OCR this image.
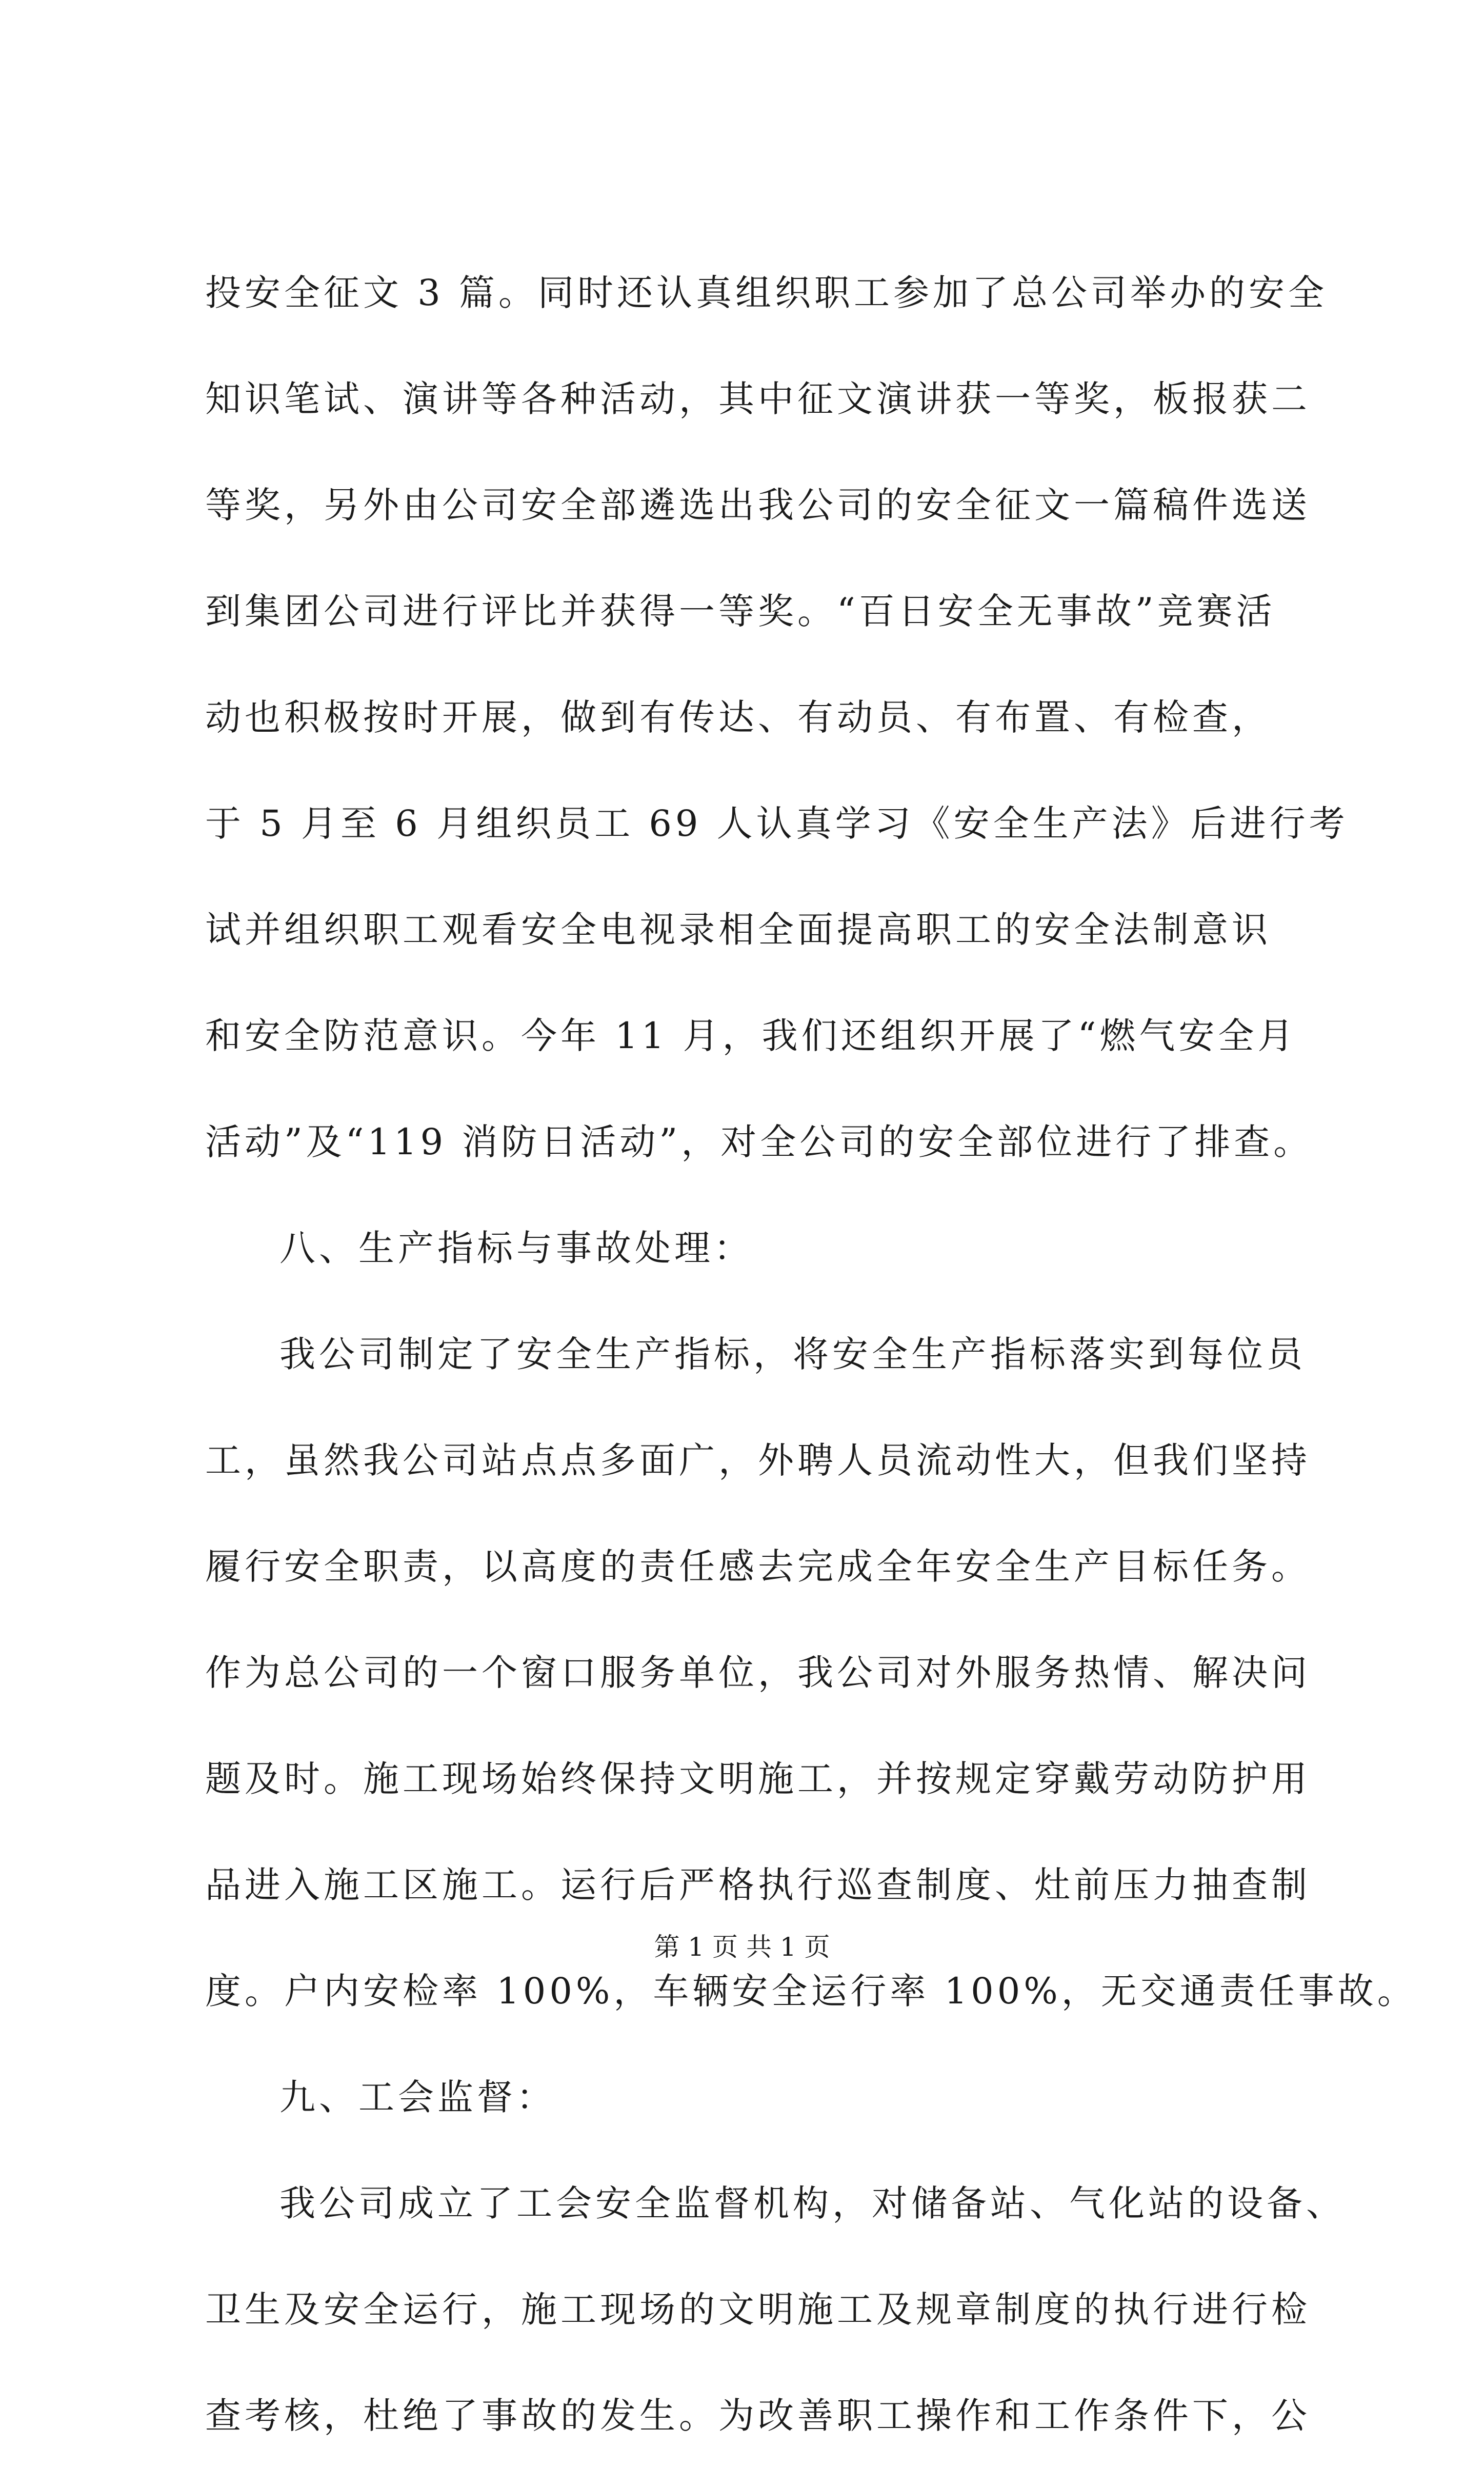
投安全征文 3 篇。同时还认真组织职工参加了总公司举办的安全
知识笔试、演讲等各种活动，其中征文演讲获一等奖，板报获二
等奖，另外由公司安全部遴选出我公司的安全征文一篇稿件选送
到集团公司进行评比并获得一等奖。“百日安全无事故”竞赛活
动也积极按时开展，做到有传达、有动员、有布置、有检查，
于 5 月至 6 月组织员工 69 人认真学习《安全生产法》后进行考
试并组织职工观看安全电视录相全面提高职工的安全法制意识
和安全防范意识。今年 11 月，我们还组织开展了“燃气安全月
活动”及“119 消防日活动”，对全公司的安全部位进行了排查。
八、生产指标与事故处理：
我公司制定了安全生产指标，将安全生产指标落实到每位员
工，虽然我公司站点点多面广，外聘人员流动性大，但我们坚持
履行安全职责，以高度的责任感去完成全年安全生产目标任务。
作为总公司的一个窗口服务单位，我公司对外服务热情、解决问
题及时。施工现场始终保持文明施工，并按规定穿戴劳动防护用
品进入施工区施工。运行后严格执行巡查制度、灶前压力抽查制
度。户内安检率 100%，车辆安全运行率 100%，无交通责任事故。
九、工会监督：
我公司成立了工会安全监督机构，对储备站、气化站的设备、
卫生及安全运行，施工现场的文明施工及规章制度的执行进行检
查考核，杜绝了事故的发生。为改善职工操作和工作条件下，公
第 1 页 共 1 页
